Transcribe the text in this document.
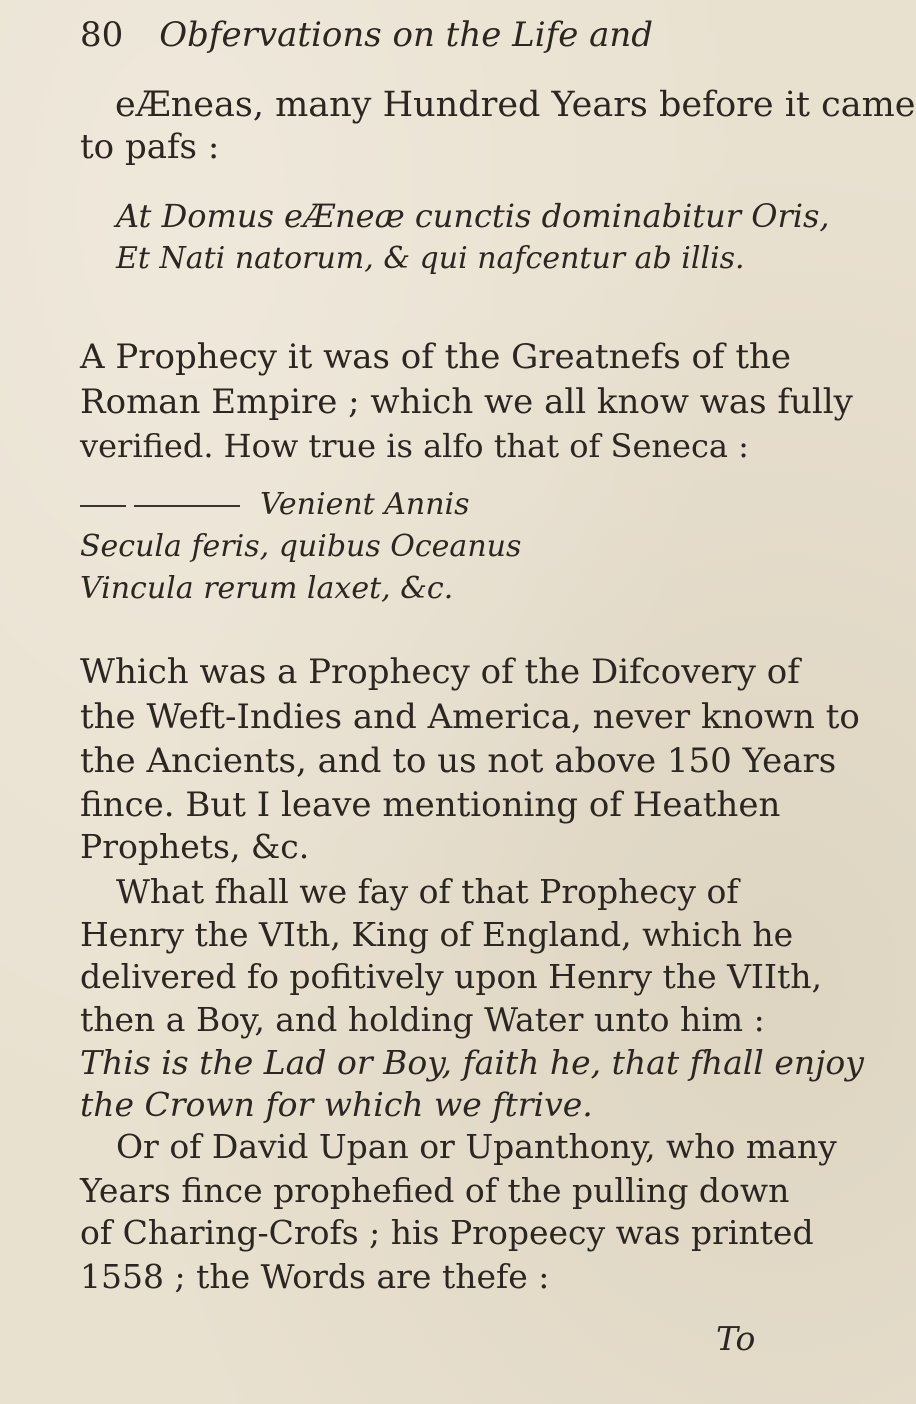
80 Obfervations on the Life and
eÆneas, many Hundred Years before it came
to pafs :
At Domus eÆneæ cunctis dominabitur Oris,
Et Nati natorum, & qui nafcentur ab illis.
A Prophecy it was of the Greatnefs of the
Roman Empire ; which we all know was fully
verified. How true is alfo that of Seneca :
Venient Annis
Secula feris, quibus Oceanus
Vincula rerum laxet, &c.
Which was a Prophecy of the Difcovery of
the Weft-Indies and America, never known to
the Ancients, and to us not above 150 Years
fince. But I leave mentioning of Heathen
Prophets, &c.
What fhall we fay of that Prophecy of
Henry the VIth, King of England, which he
delivered fo pofitively upon Henry the VIIth,
then a Boy, and holding Water unto him :
This is the Lad or Boy, faith he, that fhall enjoy
the Crown for which we ftrive.
Or of David Upan or Upanthony, who many
Years fince prophefied of the pulling down
of Charing-Crofs ; his Propeecy was printed
1558 ; the Words are thefe :
To
